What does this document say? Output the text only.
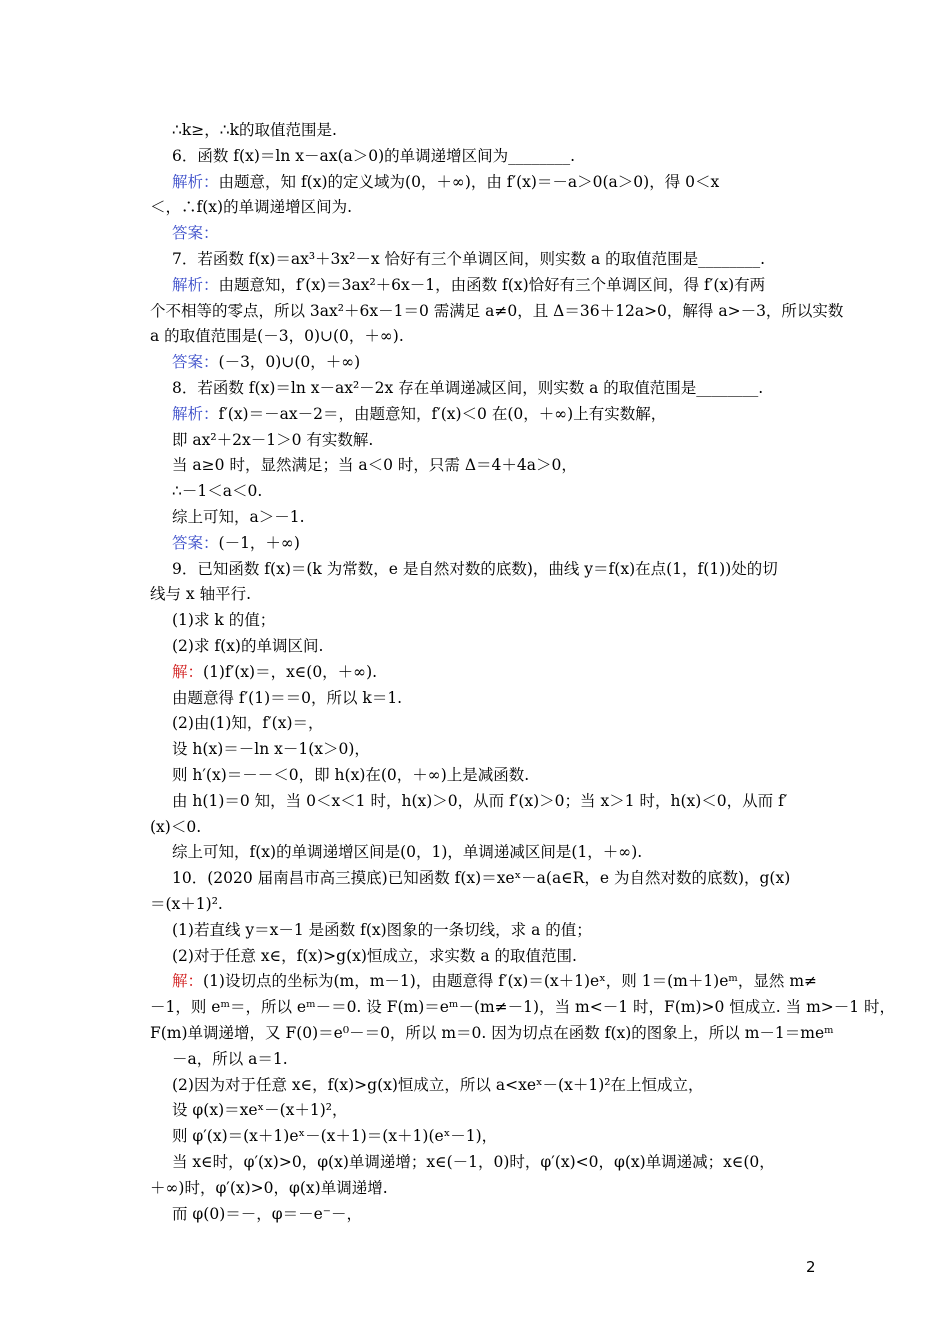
∴k≥，∴k的取值范围是.
6．函数 f(x)＝ln x－ax(a＞0)的单调递增区间为________.
解析：由题意，知 f(x)的定义域为(0，＋∞)，由 f′(x)＝－a＞0(a＞0)，得 0＜x
＜，∴f(x)的单调递增区间为.
答案：
7．若函数 f(x)＝ax³＋3x²－x 恰好有三个单调区间，则实数 a 的取值范围是________.
解析：由题意知，f′(x)＝3ax²＋6x－1，由函数 f(x)恰好有三个单调区间，得 f′(x)有两
个不相等的零点，所以 3ax²＋6x－1＝0 需满足 a≠0，且 Δ＝36＋12a>0，解得 a>－3，所以实数
a 的取值范围是(－3，0)∪(0，＋∞).
答案：(－3，0)∪(0，＋∞)
8．若函数 f(x)＝ln x－ax²－2x 存在单调递减区间，则实数 a 的取值范围是________.
解析：f′(x)＝－ax－2＝，由题意知，f′(x)＜0 在(0，＋∞)上有实数解，
即 ax²＋2x－1＞0 有实数解.
当 a≥0 时，显然满足；当 a＜0 时，只需 Δ＝4＋4a＞0，
∴－1＜a＜0.
综上可知，a＞－1.
答案：(－1，＋∞)
9．已知函数 f(x)＝(k 为常数，e 是自然对数的底数)，曲线 y＝f(x)在点(1，f(1))处的切
线与 x 轴平行.
(1)求 k 的值；
(2)求 f(x)的单调区间.
解：(1)f′(x)＝，x∈(0，＋∞).
由题意得 f′(1)＝＝0，所以 k＝1.
(2)由(1)知，f′(x)＝，
设 h(x)＝－ln x－1(x＞0)，
则 h′(x)＝－－＜0，即 h(x)在(0，＋∞)上是减函数.
由 h(1)＝0 知，当 0＜x＜1 时，h(x)＞0，从而 f′(x)＞0；当 x＞1 时，h(x)＜0，从而 f′
(x)＜0.
综上可知，f(x)的单调递增区间是(0，1)，单调递减区间是(1，＋∞).
10．(2020 届南昌市高三摸底)已知函数 f(x)＝xeˣ－a(a∈R，e 为自然对数的底数)，g(x)
＝(x＋1)².
(1)若直线 y＝x－1 是函数 f(x)图象的一条切线，求 a 的值；
(2)对于任意 x∈，f(x)>g(x)恒成立，求实数 a 的取值范围.
解：(1)设切点的坐标为(m，m－1)，由题意得 f′(x)＝(x＋1)eˣ，则 1＝(m＋1)eᵐ，显然 m≠
－1，则 eᵐ＝，所以 eᵐ－＝0. 设 F(m)＝eᵐ－(m≠－1)，当 m<－1 时，F(m)>0 恒成立. 当 m>－1 时，
F(m)单调递增，又 F(0)＝e⁰－＝0，所以 m＝0. 因为切点在函数 f(x)的图象上，所以 m－1＝meᵐ
－a，所以 a＝1.
(2)因为对于任意 x∈，f(x)>g(x)恒成立，所以 a<xeˣ－(x＋1)²在上恒成立，
设 φ(x)＝xeˣ－(x＋1)²，
则 φ′(x)＝(x＋1)eˣ－(x＋1)＝(x＋1)(eˣ－1)，
当 x∈时，φ′(x)>0，φ(x)单调递增；x∈(－1，0)时，φ′(x)<0，φ(x)单调递减；x∈(0，
＋∞)时，φ′(x)>0，φ(x)单调递增.
而 φ(0)＝－，φ＝－e⁻－，
2
